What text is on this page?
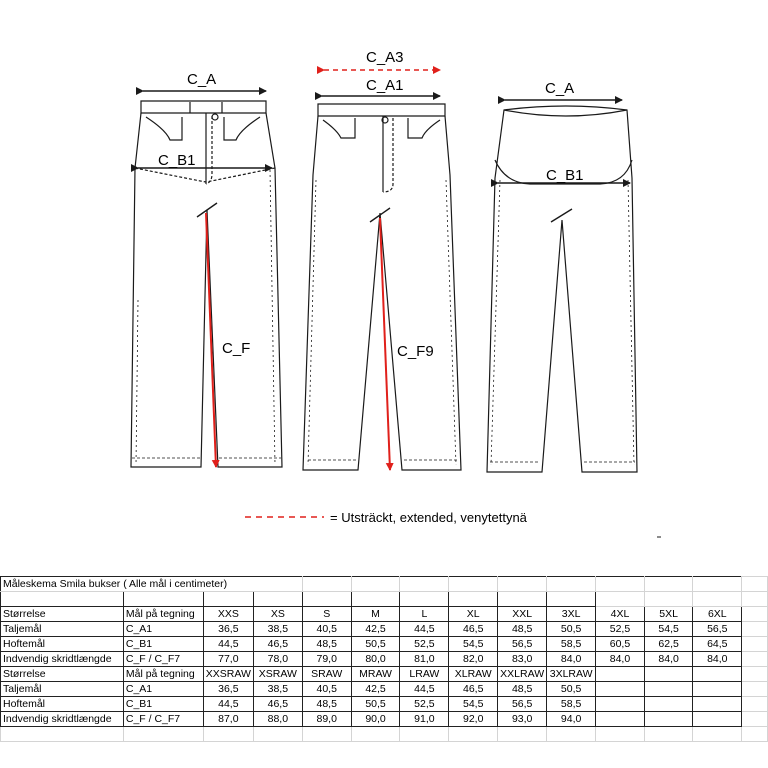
C_A
C_B1
C_F
C_A3
C_A1
C_F9
C_A
C_B1
= Utsträckt, extended, venytettynä
Måleskema Smila bukser ( Alle mål i centimeter)													

Størrelse	Mål på tegning	XXS	XS	S	M	L	XL	XXL	3XL	4XL	5XL	6XL	
Taljemål	C_A1	36,5	38,5	40,5	42,5	44,5	46,5	48,5	50,5	52,5	54,5	56,5	
Hoftemål	C_B1	44,5	46,5	48,5	50,5	52,5	54,5	56,5	58,5	60,5	62,5	64,5	
Indvendig skridtlængde	C_F / C_F7	77,0	78,0	79,0	80,0	81,0	82,0	83,0	84,0	84,0	84,0	84,0	
Størrelse	Mål på tegning	XXSRAW	XSRAW	SRAW	MRAW	LRAW	XLRAW	XXLRAW	3XLRAW				
Taljemål	C_A1	36,5	38,5	40,5	42,5	44,5	46,5	48,5	50,5				
Hoftemål	C_B1	44,5	46,5	48,5	50,5	52,5	54,5	56,5	58,5				
Indvendig skridtlængde	C_F / C_F7	87,0	88,0	89,0	90,0	91,0	92,0	93,0	94,0				
